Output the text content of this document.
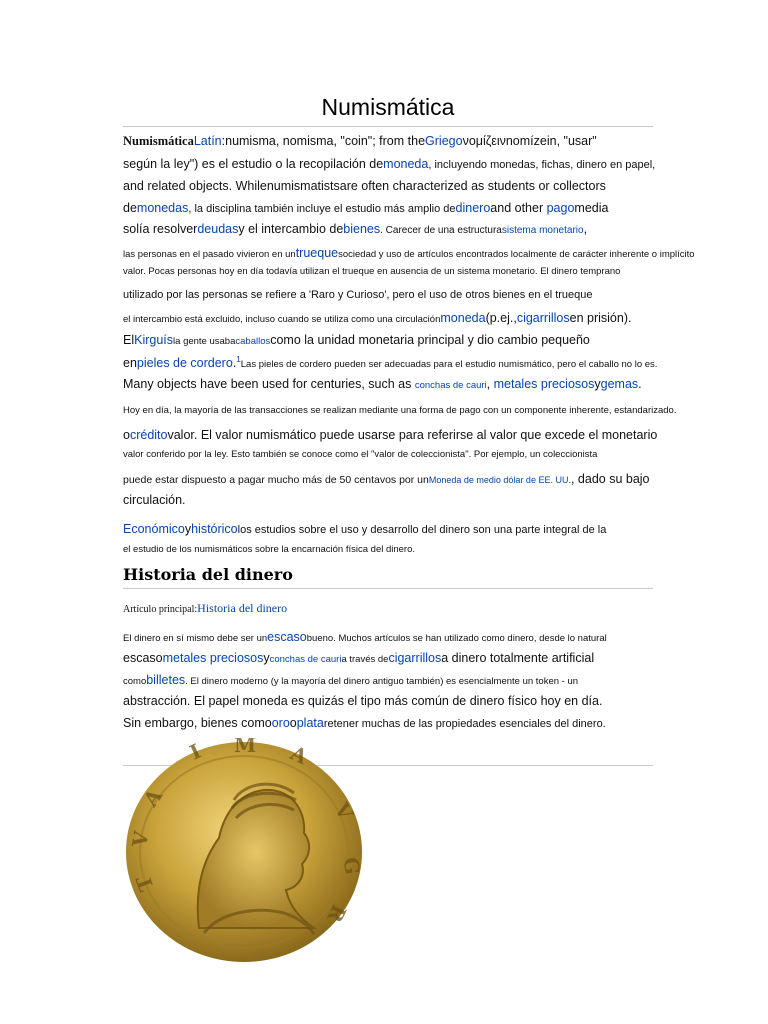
Numismática
NumismáticaLatín:numisma, nomisma, "coin"; from theGriegoνομίζεινnomízein, "usar"
según la ley") es el estudio o la recopilación demoneda, incluyendo monedas, fichas, dinero en papel,
and related objects. Whilenumismatistsare often characterized as students or collectors
demonedas, la disciplina también incluye el estudio más amplio dedineroand other pagomedia
solía resolverdeudasy el intercambio debienes. Carecer de una estructurasistema monetario,
las personas en el pasado vivieron en untruequesociedad y uso de artículos encontrados localmente de carácter inherente o implícito
valor. Pocas personas hoy en día todavía utilizan el trueque en ausencia de un sistema monetario. El dinero temprano
utilizado por las personas se refiere a 'Raro y Curioso', pero el uso de otros bienes en el trueque
el intercambio está excluido, incluso cuando se utiliza como una circulaciónmoneda(p.ej.,cigarrillosen prisión).
ElKirguísla gente usabacaballoscomo la unidad monetaria principal y dio cambio pequeño
enpieles de cordero.$^1$Las pieles de cordero pueden ser adecuadas para el estudio numismático, pero el caballo no lo es.
Many objects have been used for centuries, such as conchas de cauri, metales preciososygemas.
Hoy en día, la mayoría de las transacciones se realizan mediante una forma de pago con un componente inherente, estandarizado.
ocréditovalor. El valor numismático puede usarse para referirse al valor que excede el monetario
valor conferido por la ley. Esto también se conoce como el "valor de coleccionista". Por ejemplo, un coleccionista
puede estar dispuesto a pagar mucho más de 50 centavos por unMoneda de medio dólar de EE. UU., dado su bajo
circulación.
Económicoyhistóricolos estudios sobre el uso y desarrollo del dinero son una parte integral de la
el estudio de los numismáticos sobre la encarnación física del dinero.
Historia del dinero
Artículo principal:Historia del dinero
El dinero en sí mismo debe ser unescasobueno. Muchos artículos se han utilizado como dinero, desde lo natural
escasometales preciososyconchas de cauria través decigarrillosa dinero totalmente artificial
comobilletes. El dinero moderno (y la mayoría del dinero antiguo también) es esencialmente un token - un
abstracción. El papel moneda es quizás el tipo más común de dinero físico hoy en día.
Sin embargo, bienes comoorooplataretener muchas de las propiedades esenciales del dinero.
A
V
T
I M A
V
G
R
